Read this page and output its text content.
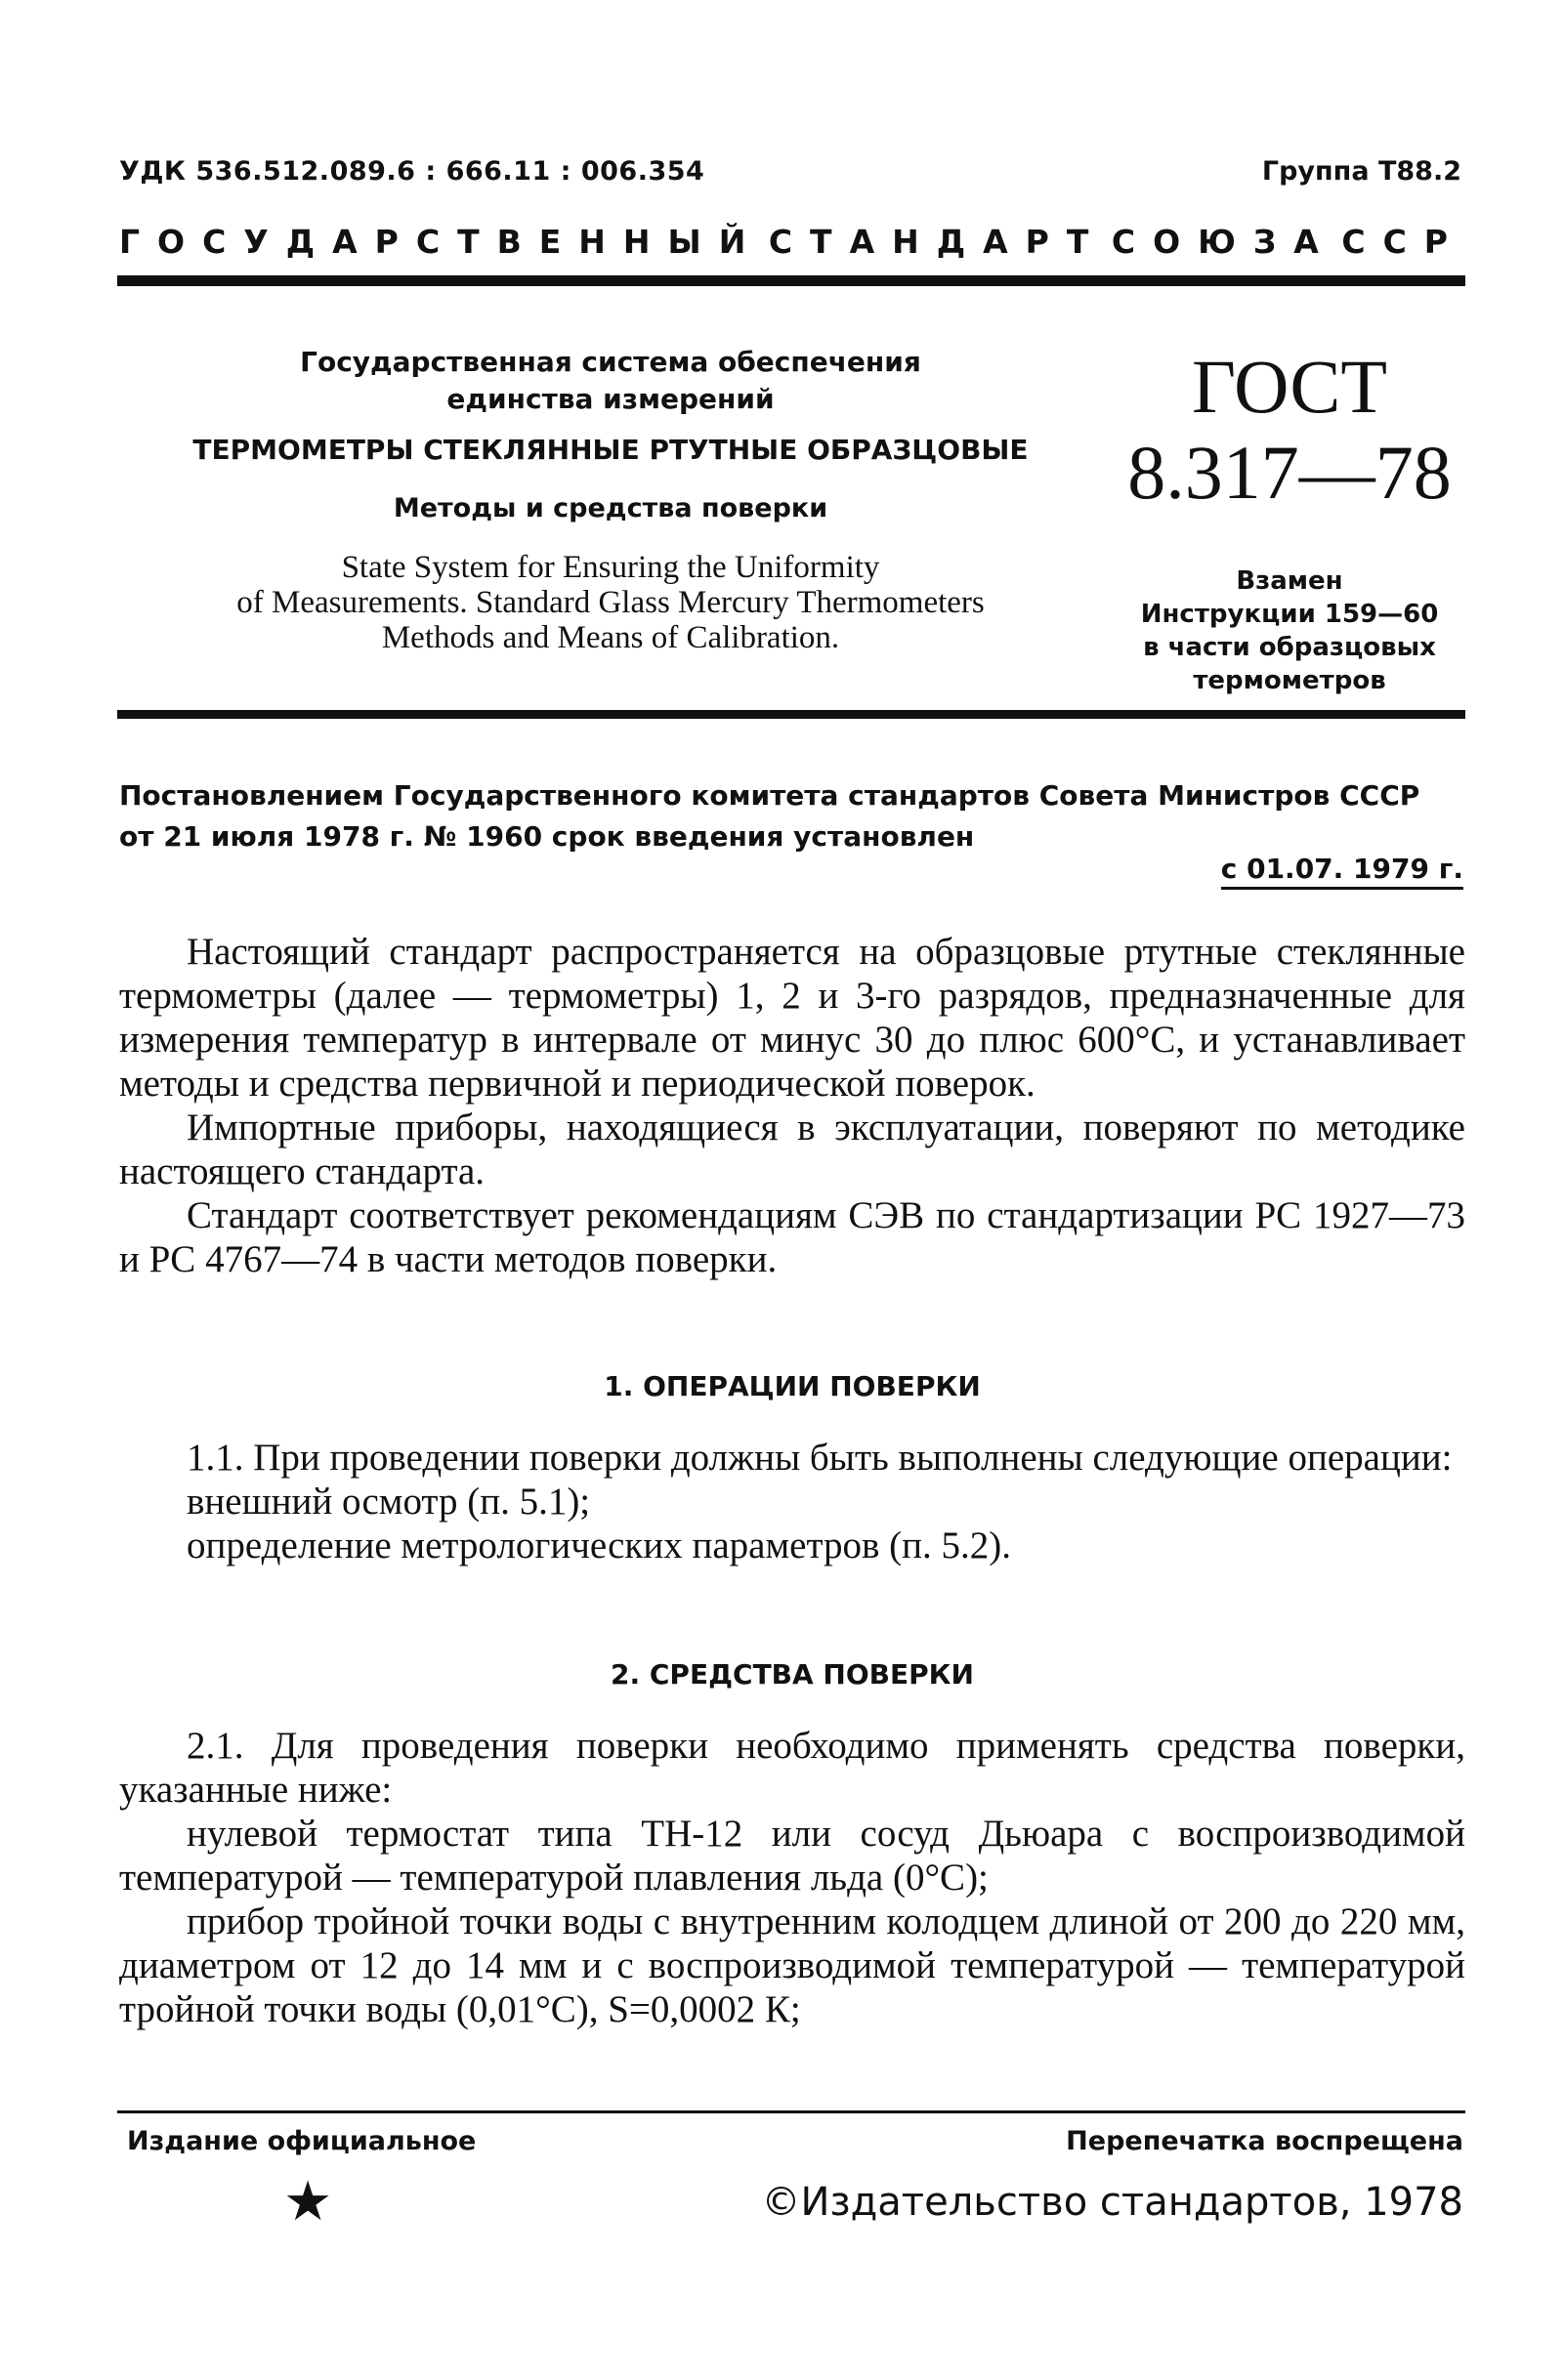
УДК 536.512.089.6 : 666.11 : 006.354	Группа Т88.2
ГОСУДАРСТВЕННЫЙ СТАНДАРТ СОЮЗА ССР
Государственная система обеспечения
единства измерений
ТЕРМОМЕТРЫ СТЕКЛЯННЫЕ РТУТНЫЕ ОБРАЗЦОВЫЕ
Методы и средства поверки
State System for Ensuring the Uniformity
of Measurements. Standard Glass Mercury Thermometers
Methods and Means of Calibration.
ГОСТ
8.317—78
Взамен
Инструкции 159—60
в части образцовых
термометров
Постановлением Государственного комитета стандартов Совета Министров СССР
от 21 июля 1978 г. № 1960 срок введения установлен
с 01.07. 1979 г.

Настоящий стандарт распространяется на образцовые ртутные стеклянные термометры (далее — термометры) 1, 2 и 3-го разрядов, предназначенные для измерения температур в интервале от минус 30 до плюс 600°С, и устанавливает методы и средства первичной и периодической поверок.

Импортные приборы, находящиеся в эксплуатации, поверяют по методике настоящего стандарта.

Стандарт соответствует рекомендациям СЭВ по стандартизации PC 1927—73 и PC 4767—74 в части методов поверки.

1. ОПЕРАЦИИ ПОВЕРКИ

1.1. При проведении поверки должны быть выполнены следующие операции:

внешний осмотр (п. 5.1);

определение метрологических параметров (п. 5.2).

2. СРЕДСТВА ПОВЕРКИ

2.1. Для проведения поверки необходимо применять средства поверки, указанные ниже:

нулевой термостат типа ТН-12 или сосуд Дьюара с воспроизводимой температурой — температурой плавления льда (0°С);

прибор тройной точки воды с внутренним колодцем длиной от 200 до 220 мм, диаметром от 12 до 14 мм и с воспроизводимой температурой — температурой тройной точки воды (0,01°С), S=0,0002 К;

Издание официальное	Перепечатка воспрещена
★	©Издательство стандартов, 1978
